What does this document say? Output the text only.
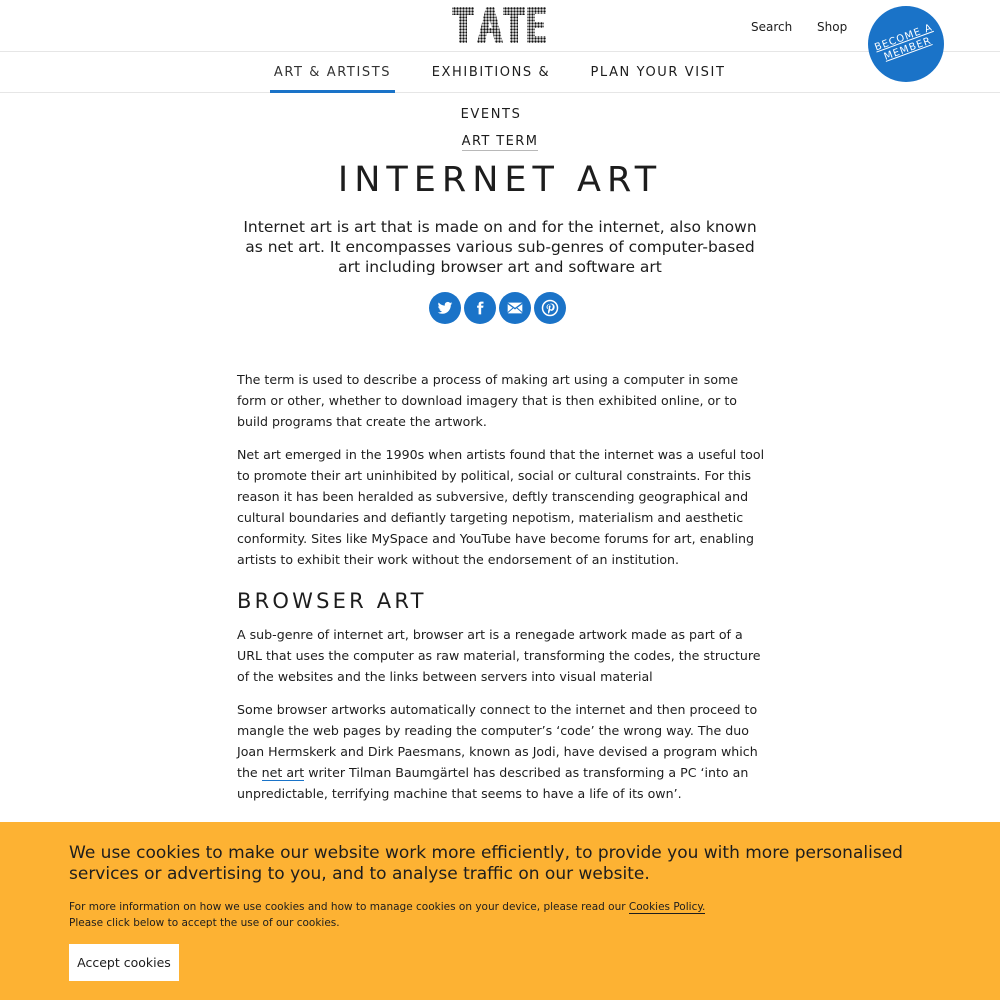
Search Shop	BECOME A MEMBER
ART & ARTISTS	EXHIBITIONS & EVENTS
PLAN YOUR VISIT
ART TERM
INTERNET ART

Internet art is art that is made on and for the internet, also known as net art. It encompasses various sub-genres of computer-based art including browser art and software art

The term is used to describe a process of making art using a computer in some form or other, whether to download imagery that is then exhibited online, or to build programs that create the artwork.

Net art emerged in the 1990s when artists found that the internet was a useful tool to promote their art uninhibited by political, social or cultural constraints. For this reason it has been heralded as subversive, deftly transcending geographical and cultural boundaries and defiantly targeting nepotism, materialism and aesthetic conformity. Sites like MySpace and YouTube have become forums for art, enabling artists to exhibit their work without the endorsement of an institution.

BROWSER ART

A sub-genre of internet art, browser art is a renegade artwork made as part of a URL that uses the computer as raw material, transforming the codes, the structure of the websites and the links between servers into visual material

Some browser artworks automatically connect to the internet and then proceed to mangle the web pages by reading the computer’s ‘code’ the wrong way. The duo Joan Hermskerk and Dirk Paesmans, known as Jodi, have devised a program which the net art writer Tilman Baumgärtel has described as transforming a PC ‘into an unpredictable, terrifying machine that seems to have a life of its own’.

We use cookies to make our website work more efficiently, to provide you with more personalised services or advertising to you, and to analyse traffic on our website.

For more information on how we use cookies and how to manage cookies on your device, please read our Cookies Policy.
Please click below to accept the use of our cookies.

Accept cookies
